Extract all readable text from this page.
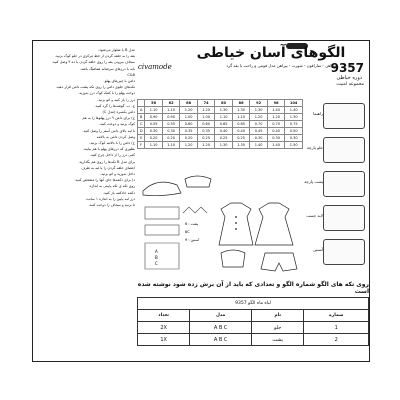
مدل B با شلوار می‌شود.

یقه را به حلقه گردن از خط مرکزی در جلو کوک بزنید.

سجاف بیرونی یقه را روی حلقه گردن با ده ۳ وصل کنید.

باید با درزهای سرشانه هماهنگ باشد.

8&C

دامن با چین‌های پهلو

تکه‌های جلوی دامن را روی تکه پشت دامن قرار دهید.

دوخت پهلو را با کمک کوک درز بدوزید.

درز را باز کنید و اتو بزنید.

ج- ب- گوشه‌ها را گرد کنید.

دامن یکسره (مدل C)

ح) برای دامن ۹ درز پهلوها را به هم

کوک بزنید و دوخت کنید.

با لبه بالای دامن آستر را وصل کنید.

وصل کردن دامن به بالاتنه

خ) دامن را با بالاتنه کوک بزنید.

بطوری که درزهای پهلو با هم بیایند.

کمی درز را از داخل چرخ کنید.

برای مدل B تکه‌ها را روی هم بگذارید.

اعضای حلقه گردن را با لبه به طرف

داخل بدوزید و اتو بزنید.

د) برای دکمه‌ها جای آنها را مشخص کنید.

روی تکه ی تکه پایینی به اندازه

دکمه جادکمه باز کنید.

درز لبه پایین را به اندازه ۱ سانت

تا بزنید و سجاف را دوخت کنید.

الگوهای آسان خیاطی
9357
دوره خیاطی
مجموعه امنیت
civamode	پیراهن - سارافون - شورت - پیراهن مدل فونتی و راحت با یقه گرد
	56	62	68	74	80	86	92	98	104
A	1.10	1.10	1.20	1.20	1.30	1.30	1.30	1.40	1.40
B	0.90	0.90	1.00	1.00	1.10	1.10	1.20	1.20	1.30
C	0.55	0.55	0.60	0.60	0.65	0.65	0.70	0.70	0.75
D	0.30	0.30	0.35	0.35	0.40	0.40	0.45	0.45	0.50
E	0.20	0.20	0.20	0.25	0.25	0.25	0.30	0.30	0.30
F	1.10	1.10	1.20	1.20	1.30	1.30	1.40	1.40	1.50
راهنما
جلو پارچه
پشت پارچه
لایه چسب
آستین
A
B
C
6 : پشت
8C
9 : آستین
روی تکه های الگو شماره الگو و تعدادی که باید از آن برش زده شود نوشته شده است
لباه ماه الگو 9357			
شماره	نام	مدل	تعداد
1	جلو	A B C	2X
2	پشت	A B C	1X
